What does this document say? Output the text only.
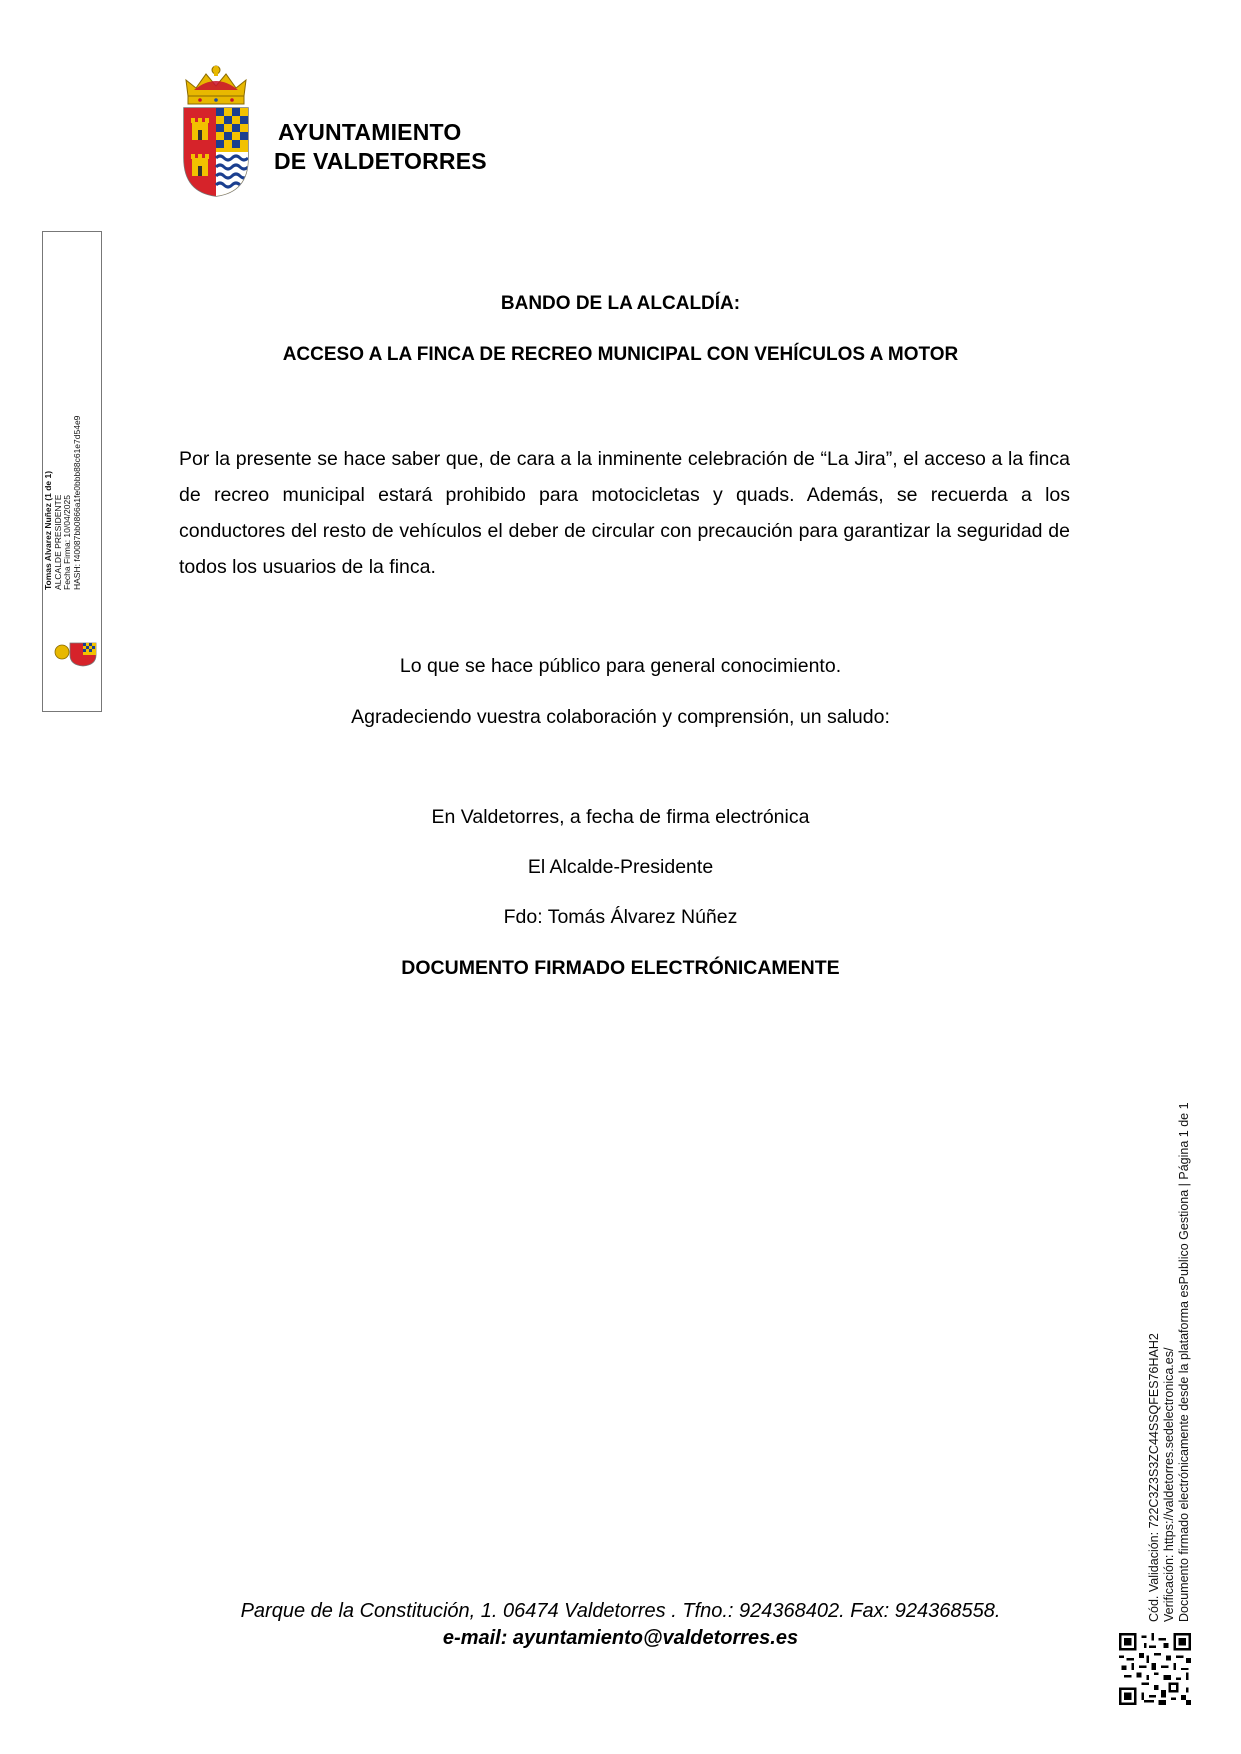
AYUNTAMIENTO
DE VALDETORRES
Tomas Alvarez Nuñez (1 de 1) ALCALDE PRESIDENTE Fecha Firma: 10/04/2025 HASH: f40087bb0866a1fe0bbb88c61e7d54e9
BANDO DE LA ALCALDÍA:
ACCESO A LA FINCA DE RECREO MUNICIPAL CON VEHÍCULOS A MOTOR
Por la presente se hace saber que, de cara a la inminente celebración de “La Jira”, el acceso a la finca de recreo municipal estará prohibido para motocicletas y quads. Además, se recuerda a los conductores del resto de vehículos el deber de circular con precaución para garantizar la seguridad de todos los usuarios de la finca.
Lo que se hace público para general conocimiento.
Agradeciendo vuestra colaboración y comprensión, un saludo:
En Valdetorres, a fecha de firma electrónica
El Alcalde-Presidente
Fdo: Tomás Álvarez Núñez
DOCUMENTO FIRMADO ELECTRÓNICAMENTE
Cód. Validación: 722C3Z3S3ZC44SSQFES76HAH2 Verificación: https://valdetorres.sedelectronica.es/ Documento firmado electrónicamente desde la plataforma esPublico Gestiona | Página 1 de 1
Parque de la Constitución, 1. 06474 Valdetorres . Tfno.: 924368402. Fax: 924368558.
e-mail: ayuntamiento@valdetorres.es
